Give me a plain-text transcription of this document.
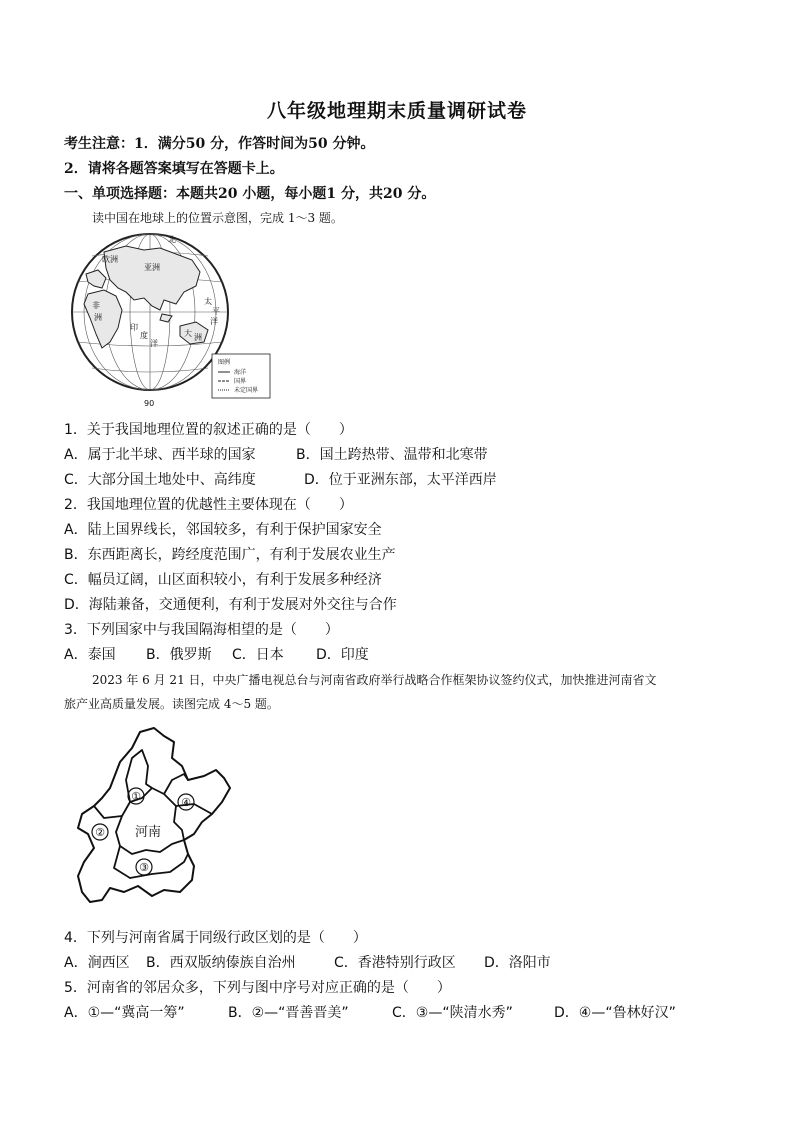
八年级地理期末质量调研试卷
考生注意：1．满分50 分，作答时间为50 分钟。
2．请将各题答案填写在答题卡上。
一、单项选择题：本题共20 小题，每小题1 分，共20 分。
读中国在地球上的位置示意图，完成 1～3 题。
北
亚洲
欧洲
非
洲
太
平
洋
印
度
洋
大 洲
90
图例
海洋
国界
未定国界
1．关于我国地理位置的叙述正确的是（　　）
A．属于北半球、西半球的国家	B．国土跨热带、温带和北寒带
C．大部分国土地处中、高纬度	D．位于亚洲东部，太平洋西岸
2．我国地理位置的优越性主要体现在（　　）
A．陆上国界线长，邻国较多，有利于保护国家安全
B．东西距离长，跨经度范围广，有利于发展农业生产
C．幅员辽阔，山区面积较小，有利于发展多种经济
D．海陆兼备，交通便利，有利于发展对外交往与合作
3．下列国家中与我国隔海相望的是（　　）
A．泰国 B．俄罗斯 C．日本 D．印度
2023 年 6 月 21 日，中央广播电视总台与河南省政府举行战略合作框架协议签约仪式，加快推进河南省文
旅产业高质量发展。读图完成 4～5 题。
①
②
③
④
河南
4．下列与河南省属于同级行政区划的是（　　）
A．涧西区 B．西双版纳傣族自治州	C．香港特别行政区 D．洛阳市
5．河南省的邻居众多，下列与图中序号对应正确的是（　　）
A．①—“冀高一筹”	B．②—“晋善晋美”	C．③—“陕清水秀”	D．④—“鲁林好汉”
